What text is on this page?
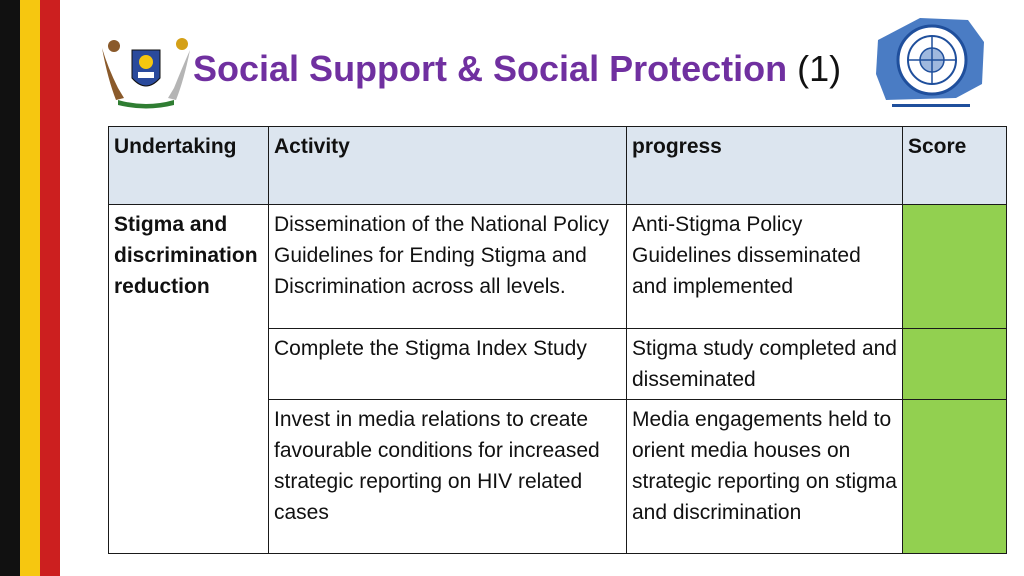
Social Support & Social Protection (1)
Undertaking	Activity	progress	Score
Stigma and discrimination reduction	Dissemination of the National Policy Guidelines for Ending Stigma and Discrimination across all levels.	Anti-Stigma Policy Guidelines disseminated and implemented	
	Complete the Stigma Index Study	Stigma study completed and disseminated	
	Invest in media relations to create favourable conditions for increased strategic reporting on HIV related cases	Media engagements held to orient media houses on strategic reporting on stigma and discrimination	
